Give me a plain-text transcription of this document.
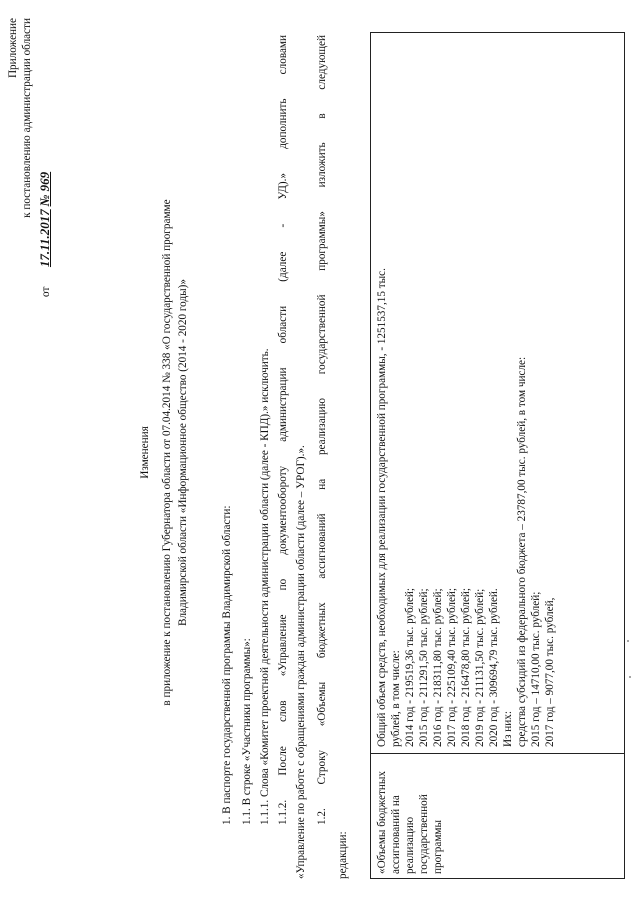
Приложение к постановлению администрации области
от  17.11.2017 № 969
Изменения в приложение к постановлению Губернатора области от 07.04.2014 № 338 «О государственной программе Владимирской области «Информационное общество (2014 - 2020 годы)»
1. В паспорте государственной программы Владимирской области: 1.1. В строке «Участники программы»: 1.1.1. Слова «Комитет проектной деятельности администрации области (далее - КПД).» исключить. 1.1.2. После слов «Управление по документообороту администрации области (далее - УД).» дополнить словами «Управление по работе с обращениями граждан администрации области (далее – УРОГ).». 1.2. Строку «Объемы бюджетных ассигнований на реализацию государственной программы» изложить в следующей
редакции: «Объемы бюджетных ассигнований на реализацию государственной программы
Общий объем средств, необходимых для реализации государственной программы, - 1251537,15 тыс. рублей, в том числе: 2014 год - 219519,36 тыс. рублей; 2015 год - 211291,50 тыс. рублей; 2016 год - 218311,80 тыс. рублей; 2017 год - 225109,40 тыс. рублей; 2018 год - 216478,80 тыс. рублей; 2019 год - 211131,50 тыс. рублей; 2020 год - 309694,79 тыс. рублей. Из них: средства субсидий из федерального бюджета – 23787,00 тыс. рублей, в том числе: 2015 год – 14710,00 тыс. рублей; 2017 год – 9077,00 тыс. рублей,
